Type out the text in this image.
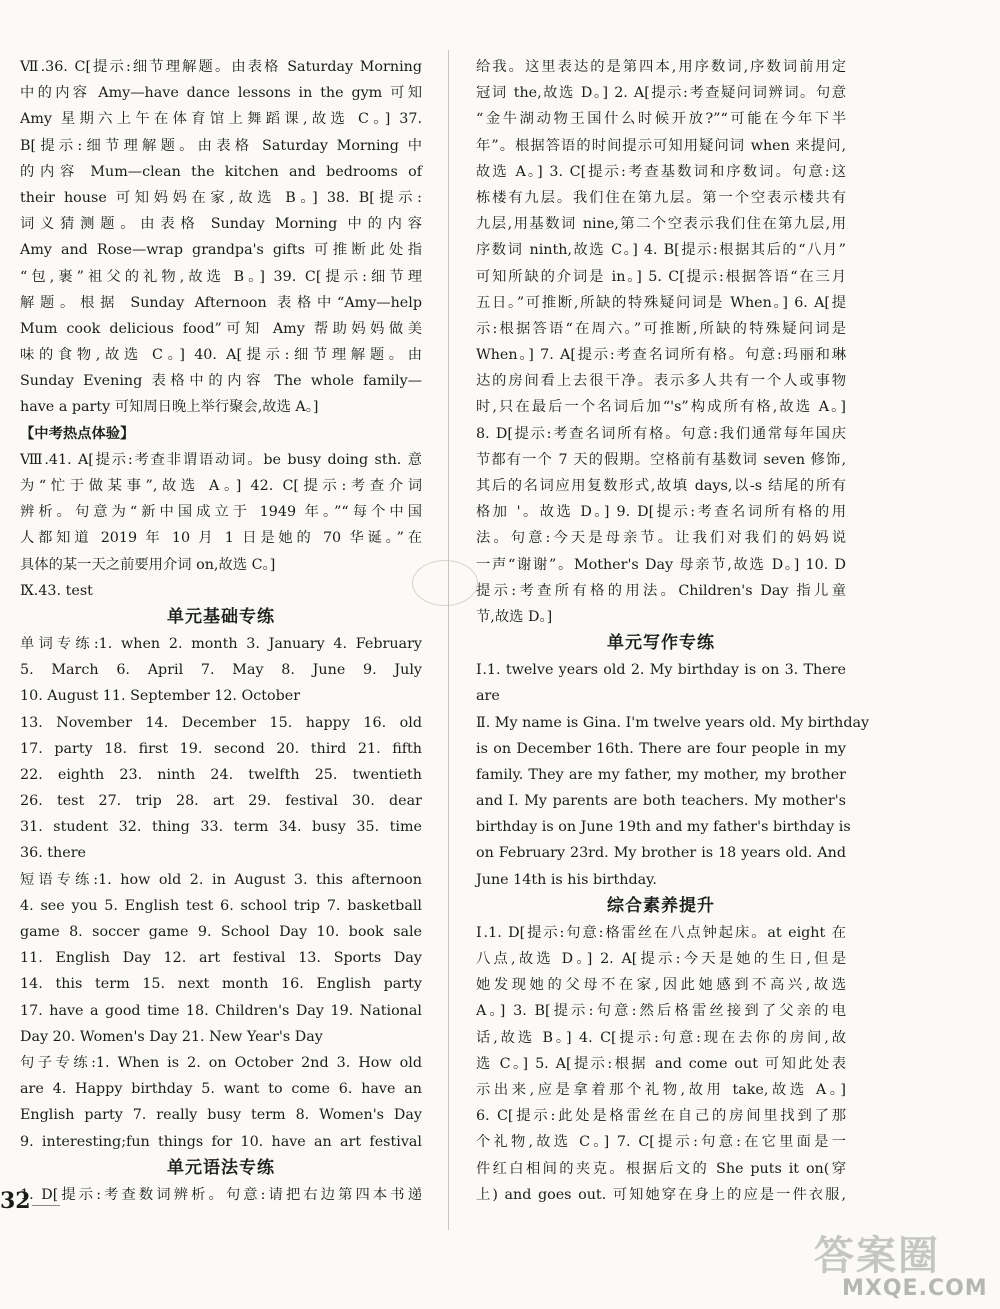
Ⅶ.36. C[提示:细节理解题。由表格 Saturday Morning
中的内容 Amy—have dance lessons in the gym 可知
Amy 星期六上午在体育馆上舞蹈课,故选 C。] 37.
B[提示:细节理解题。由表格 Saturday Morning 中
的内容 Mum—clean the kitchen and bedrooms of
their house 可知妈妈在家,故选 B。] 38. B[提示:
词义猜测题。由表格 Sunday Morning 中的内容
Amy and Rose—wrap grandpa's gifts 可推断此处指
“包,裹”祖父的礼物,故选 B。] 39. C[提示:细节理
解题。根据 Sunday Afternoon 表格中“Amy—help
Mum cook delicious food”可知 Amy 帮助妈妈做美
味的食物,故选 C。] 40. A[提示:细节理解题。由
Sunday Evening 表格中的内容 The whole family—
have a party 可知周日晚上举行聚会,故选 A。]
【中考热点体验】
Ⅷ.41. A[提示:考查非谓语动词。be busy doing sth. 意
为“忙于做某事”,故选 A。] 42. C[提示:考查介词
辨析。句意为“新中国成立于 1949 年。”“每个中国
人都知道 2019 年 10 月 1 日是她的 70 华诞。”在
具体的某一天之前要用介词 on,故选 C。]
Ⅸ.43. test
单元基础专练
单词专练:1. when 2. month 3. January 4. February
5. March 6. April 7. May 8. June 9. July
10. August 11. September 12. October
13. November 14. December 15. happy 16. old
17. party 18. first 19. second 20. third 21. fifth
22. eighth 23. ninth 24. twelfth 25. twentieth
26. test 27. trip 28. art 29. festival 30. dear
31. student 32. thing 33. term 34. busy 35. time
36. there
短语专练:1. how old 2. in August 3. this afternoon
4. see you 5. English test 6. school trip 7. basketball
game 8. soccer game 9. School Day 10. book sale
11. English Day 12. art festival 13. Sports Day
14. this term 15. next month 16. English party
17. have a good time 18. Children's Day 19. National
Day 20. Women's Day 21. New Year's Day
句子专练:1. When is 2. on October 2nd 3. How old
are 4. Happy birthday 5. want to come 6. have an
English party 7. really busy term 8. Women's Day
9. interesting;fun things for 10. have an art festival
单元语法专练
1. D[提示:考查数词辨析。句意:请把右边第四本书递
给我。这里表达的是第四本,用序数词,序数词前用定
冠词 the,故选 D。] 2. A[提示:考查疑问词辨词。句意
“金牛湖动物王国什么时候开放?”“可能在今年下半
年”。根据答语的时间提示可知用疑问词 when 来提问,
故选 A。] 3. C[提示:考查基数词和序数词。句意:这
栋楼有九层。我们住在第九层。第一个空表示楼共有
九层,用基数词 nine,第二个空表示我们住在第九层,用
序数词 ninth,故选 C。] 4. B[提示:根据其后的“八月”
可知所缺的介词是 in。] 5. C[提示:根据答语“在三月
五日。”可推断,所缺的特殊疑问词是 When。] 6. A[提
示:根据答语“在周六。”可推断,所缺的特殊疑问词是
When。] 7. A[提示:考查名词所有格。句意:玛丽和琳
达的房间看上去很干净。表示多人共有一个人或事物
时,只在最后一个名词后加“'s”构成所有格,故选 A。]
8. D[提示:考查名词所有格。句意:我们通常每年国庆
节都有一个 7 天的假期。空格前有基数词 seven 修饰,
其后的名词应用复数形式,故填 days,以-s 结尾的所有
格加 '。故选 D。] 9. D[提示:考查名词所有格的用
法。句意:今天是母亲节。让我们对我们的妈妈说
一声“谢谢”。Mother's Day 母亲节,故选 D。] 10. D
提示:考查所有格的用法。Children's Day 指儿童
节,故选 D。]
单元写作专练
Ⅰ.1. twelve years old 2. My birthday is on 3. There
are
Ⅱ. My name is Gina. I'm twelve years old. My birthday
is on December 16th. There are four people in my
family. They are my father, my mother, my brother
and I. My parents are both teachers. My mother's
birthday is on June 19th and my father's birthday is
on February 23rd. My brother is 18 years old. And
June 14th is his birthday.
综合素养提升
Ⅰ.1. D[提示:句意:格雷丝在八点钟起床。at eight 在
八点,故选 D。] 2. A[提示:今天是她的生日,但是
她发现她的父母不在家,因此她感到不高兴,故选
A。] 3. B[提示:句意:然后格雷丝接到了父亲的电
话,故选 B。] 4. C[提示:句意:现在去你的房间,故
选 C。] 5. A[提示:根据 and come out 可知此处表
示出来,应是拿着那个礼物,故用 take,故选 A。]
6. C[提示:此处是格雷丝在自己的房间里找到了那
个礼物,故选 C。] 7. C[提示:句意:在它里面是一
件红白相间的夹克。根据后文的 She puts it on(穿
上) and goes out. 可知她穿在身上的应是一件衣服,
32
答案圈
MXQE.COM
